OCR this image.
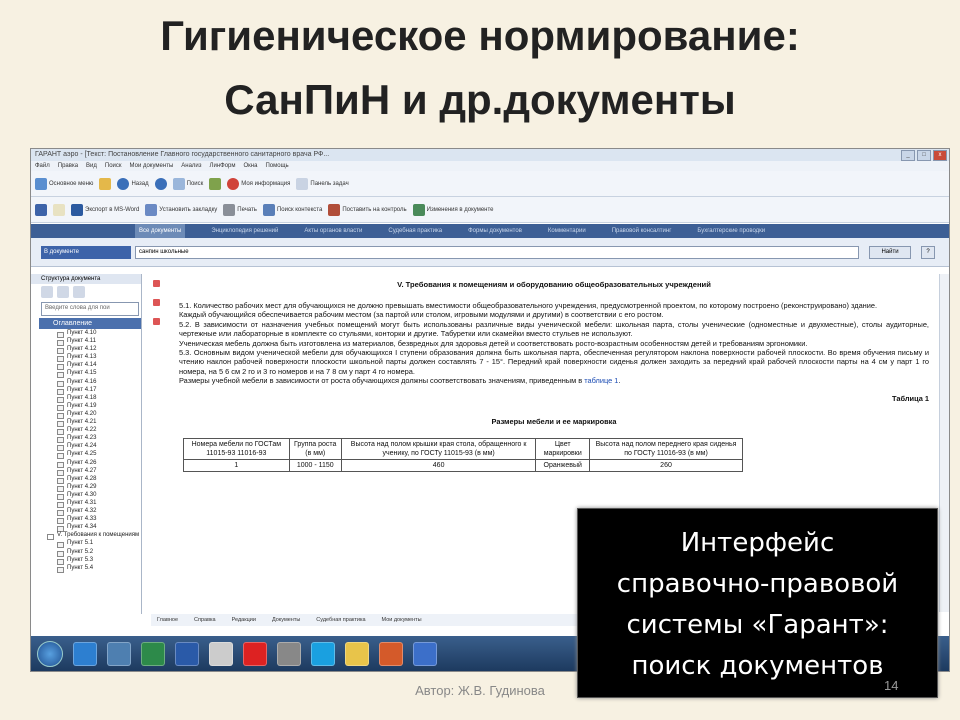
Гигиеническое нормирование:
СанПиН и др.документы
ГАРАНТ аэро - [Текст: Постановление Главного государственного санитарного врача РФ...	_	□	x
Файл Правка Вид Поиск Мои документы Анализ ЛинФорм Окна Помощь
Основное меню	Назад	Поиск	Моя информация	Панель задач
Экспорт в MS-Word	Установить закладку	Печать	Поиск контекста	Поставить на контроль	Изменения в документе
Все документы	Энциклопедия решений	Акты органов власти	Судебная практика	Формы документов	Комментарии	Правовой консалтинг	Бухгалтерские проводки
В документе	санпин школьные	Найти	?
Структура документа
Введите слова для пои
Оглавление
Пункт 4.10
Пункт 4.11
Пункт 4.12
Пункт 4.13
Пункт 4.14
Пункт 4.15
Пункт 4.16
Пункт 4.17
Пункт 4.18
Пункт 4.19
Пункт 4.20
Пункт 4.21
Пункт 4.22
Пункт 4.23
Пункт 4.24
Пункт 4.25
Пункт 4.26
Пункт 4.27
Пункт 4.28
Пункт 4.29
Пункт 4.30
Пункт 4.31
Пункт 4.32
Пункт 4.33
Пункт 4.34
V. Требования к помещениям
Пункт 5.1
Пункт 5.2
Пункт 5.3
Пункт 5.4
V. Требования к помещениям и оборудованию общеобразовательных учреждений

5.1. Количество рабочих мест для обучающихся не должно превышать вместимости общеобразовательного учреждения, предусмотренной проектом, по которому построено (реконструировано) здание.

Каждый обучающийся обеспечивается рабочим местом (за партой или столом, игровыми модулями и другими) в соответствии с его ростом.

5.2. В зависимости от назначения учебных помещений могут быть использованы различные виды ученической мебели: школьная парта, столы ученические (одноместные и двухместные), столы аудиторные, чертежные или лабораторные в комплекте со стульями, конторки и другие. Табуретки или скамейки вместо стульев не используют.

Ученическая мебель должна быть изготовлена из материалов, безвредных для здоровья детей и соответствовать росто-возрастным особенностям детей и требованиям эргономики.

5.3. Основным видом ученической мебели для обучающихся I ступени образования должна быть школьная парта, обеспеченная регулятором наклона поверхности рабочей плоскости. Во время обучения письму и чтению наклон рабочей поверхности плоскости школьной парты должен составлять 7 - 15°. Передний край поверхности сиденья должен заходить за передний край рабочей плоскости парты на 4 см у парт 1 го номера, на 5 6 см 2 го и 3 го номеров и на 7 8 см у парт 4 го номера.

Размеры учебной мебели в зависимости от роста обучающихся должны соответствовать значениям, приведенным в таблице 1.

Таблица 1
Размеры мебели и ее маркировка
Номера мебели по ГОСТам 11015-93 11016-93	Группа роста (в мм)	Высота над полом крышки края стола, обращенного к ученику, по ГОСТу 11015-93 (в мм)	Цвет маркировки	Высота над полом переднего края сиденья по ГОСТу 11016-93 (в мм)
1	1000 - 1150	460	Оранжевый	260
Главное	Справка	Редакции	Документы	Судебная практика	Мои документы
Интерфейс
справочно-правовой
системы «Гарант»:
поиск документов
Автор: Ж.В. Гудинова	14
